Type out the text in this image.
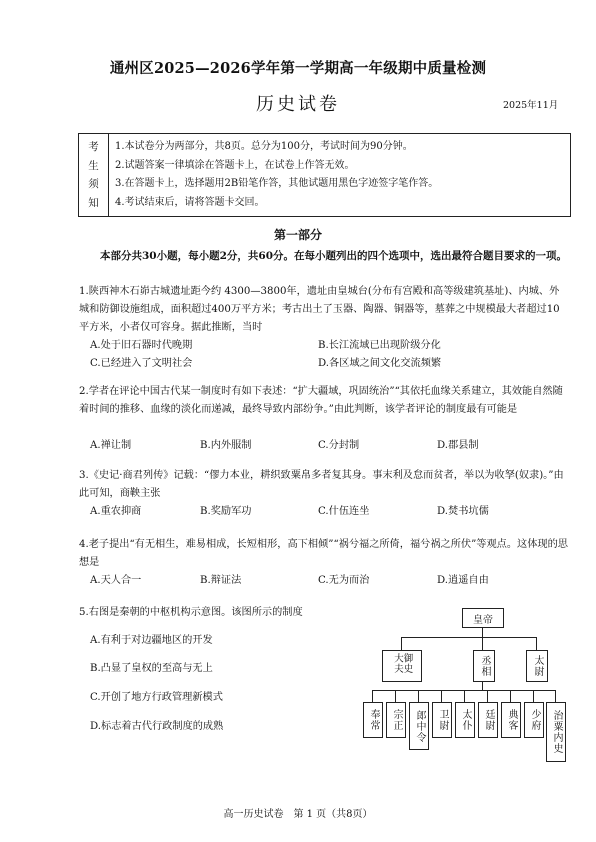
通州区2025—2026学年第一学期高一年级期中质量检测
历史试卷	2025年11月
考
生
须
知

1.本试卷分为两部分，共8页。总分为100分，考试时间为90分钟。
2.试题答案一律填涂在答题卡上，在试卷上作答无效。
3.在答题卡上，选择题用2B铅笔作答，其他试题用黑色字迹签字笔作答。
4.考试结束后，请将答题卡交回。
第一部分
本部分共30小题，每小题2分，共60分。在每小题列出的四个选项中，选出最符合题目要求的一项。
1.陕西神木石峁古城遗址距今约 4300—3800年，遗址由皇城台(分布有宫殿和高等级建筑基址)、内城、外城和防御设施组成，面积超过400万平方米；考古出土了玉器、陶器、铜器等，墓葬之中规模最大者超过10平方米，小者仅可容身。据此推断，当时
A.处于旧石器时代晚期	B.长江流域已出现阶级分化
C.已经进入了文明社会	D.各区域之间文化交流频繁
2.学者在评论中国古代某一制度时有如下表述：“扩大疆域，巩固统治”“其依托血缘关系建立，其效能自然随着时间的推移、血缘的淡化而递减，最终导致内部纷争。”由此判断，该学者评论的制度最有可能是
A.禅让制	B.内外服制	C.分封制	D.郡县制
3.《史记·商君列传》记载：“僇力本业，耕织致粟帛多者复其身。事末利及怠而贫者，举以为收孥(奴隶)。”由此可知，商鞅主张
A.重农抑商	B.奖励军功	C.什伍连坐	D.焚书坑儒
4.老子提出“有无相生，难易相成，长短相形，高下相倾”“祸兮福之所倚，福兮祸之所伏”等观点。这体现的思想是
A.天人合一	B.辩证法	C.无为而治	D.逍遥自由
5.右图是秦朝的中枢机构示意图。该图所示的制度
A.有利于对边疆地区的开发
B.凸显了皇权的至高与无上
C.开创了地方行政管理新模式
D.标志着古代行政制度的成熟
皇帝
御史大夫	丞相	太尉
奉常 宗正 郎中令 卫尉 太仆 廷尉 典客 少府 治粟内史
高一历史试卷　第 1 页（共8页）
